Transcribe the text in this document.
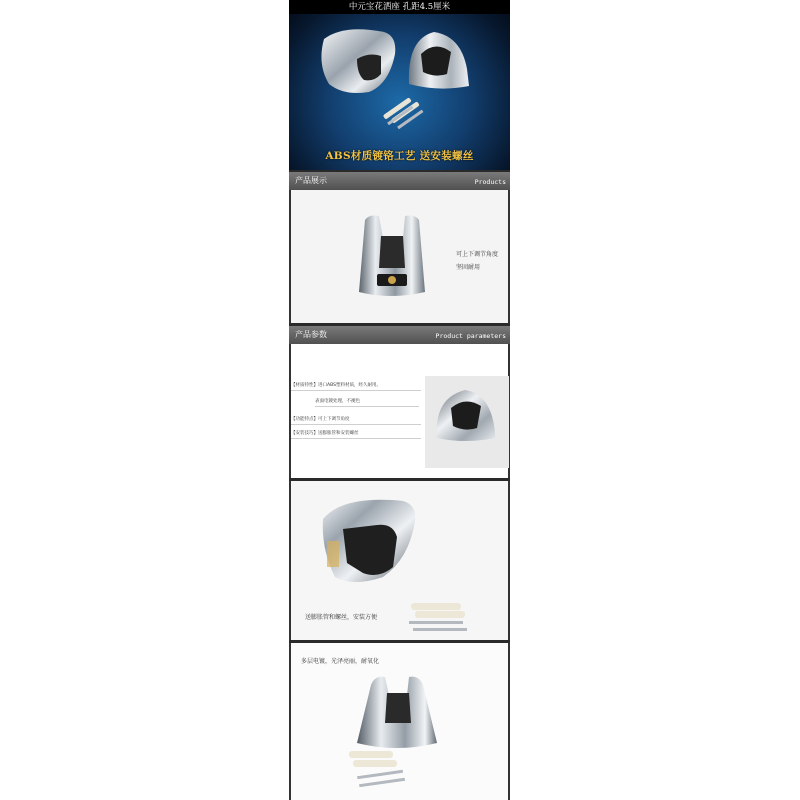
中元宝花洒座 孔距4.5厘米
ABS材质镀铬工艺 送安装螺丝
产品展示	Products
可上下调节角度
坚固耐用
产品参数	Product parameters
【材质特性】进口ABS塑料材质，经久耐用。
表面电镀处理，不褪色
【功能特点】可上下调节角度
【安装技巧】送膨胀管和安装螺丝
送膨胀管和螺丝，安装方便
多层电镀，光泽亮丽，耐氧化
